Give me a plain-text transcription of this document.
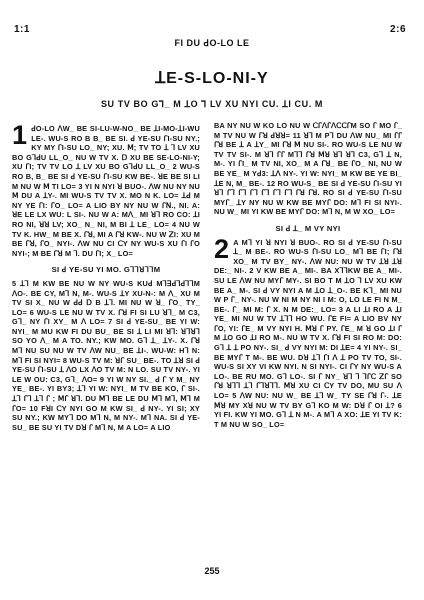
1:1
FI DU ꓒO-LO LE
2:6
ꓕE-S-LO-NI-Y
SU TV BO Gꓶ_ M ꓕO ꓶ LV XU NYI CU. ꓕI CU. M

1 ꓒO-LO ꓥW_ BE SI-LU-W-NO_ BE ꓕI-MO-ꓕI-WU LE-. WU-S RO B B_ BE SI. ꓒ YE-SU ꓩI-SU NY.; KY MY ꓩI-SU LO_ NY; XU. ꓟ; TV TO ꓕ ꓶ LV XU BO GꓶꓒU LL_O_ NU W TV X. ꓓ XU BE SE-LO-NI-Y; XU ꓩI; TV TV LO ꓕ LV XU BO GꓶꓒU LL_O_ 2 WU-S RO B, B_ BE SI ꓒ YE-SU ꓩI-SU KW BE-. ꓤE BE SI LI M NU W ꓟ TI LO= 3 YI N NYI ꓤ BUO-. ꓥW NU NY NU ꓟ DU A ꓕY-. MI WU-S TV TV X. MO N K. LO= ꓕꓒ M NY YE ꓩI: ꓩO_ LO= A LIO BY NY NU W ꓩꓠ., NI. A: ꓤE LE LX WU: L SI-. NU W A: Mꓥ_ MI ꓤꓶ RO CO: ꓕI RO NI, ꓤꓤ LV; XO_ N_ NI, M BI ꓕ LE_ LO= 4 NU W TV K. HW_ M BE X. ꓩꓤ, MI A ꓩꓤ KW-. NU W ꓜI: XU M BE ꓩꓤ, ꓩO_ NYI-. ꓥW NU CI ꓚY NY WU-S XU ꓩI ꓩO NYI-; M BE ꓩꓤ M ꓶ. DU ꓩI; X_ LO=

SI ꓒ YE-SU YI MO. GꓶꓶꓤꓶꓶM

5 ꓕꓶ M KW BE NU W NY WU-S KUꓒ MꓶꓱꓒꓶꓒꓶꓶM ꓥO-. BE CY, Mꓶ N, M-. WU-S ꓕY XU-N-: M ꓥ_ XU M TV SI X_ NU W ꓒꓒ ꓓ B ꓕꓶ. MI NU W ꓤ_ ꓩO_ TY_ LO= 6 WU-S LE NU W TV X. ꓩꓤ FI SI LU ꓤꓶ_ M C3, Gꓶ_ NY ꓩI XY_ M ꓥ LO= 7 SI ꓒ YE-SU_ BE YI W: NYI_ M MU KW FI DU BU_ BE SI ꓕ LI MI ꓤꓶ: ꓤꓶꓤꓶ SO YO ꓥ_ M A TO. NY.; KW MO. Gꓶ ꓕ_ ꓕY-. X. ꓩꓤ Mꓶ NU SU NU W TV ꓥW NU_ BE ꓕI-. WU-W: Hꓶ N: Mꓶ FI SI NYI= 8 WU-S TV M: ꓤꓩ SU_ BE-. TO ꓕꓤ SI ꓒ YE-SU ꓩI-SU ꓕ ꓥO LX ꓥO TV M: N LO. SU TV NY-. YI LE W OU: C3, Gꓶ_ ꓥO= 9 YI W NY SI._ ꓒ ꓩ Y M_ NY YE_ BE-. YI BY3; ꓕꓶ YI W: NYI_ M TV BE KO, ꓩ SI-. ꓕꓶ ꓩꓶ ꓕꓶ ꓩ ; ꓟꓩ ꓤꓶ. DU ꓟꓶ BE LE DU ꓟꓶ Mꓶ, ꓟꓶ M ꓩO= 10 FꓤI ꓚY NYI GO M KW SI_ ꓒ NY-. YI SI; XY SU NY.; KW MYꓶ DO Mꓶ N, M NY-. Mꓶ NA. SI ꓒ YE-SU_ BE SU YI TV Dꓤ ꓩ Mꓶ N, M A LO= A LIO

BA NY NU W KO LO NU W ꓚꓩꓥꓩꓥꓚꓚꓩM SO ꓩ MO ꓩ_ M TV NU W ꓩꓤ ꓒꓤꓤ= 11 ꓤꓶ M Pꓶ DU ꓥW NU_ MI ꓩꓩ ꓩꓤ BE ꓕ A ꓕY_ MI ꓩꓤ ꓟ NU SI-. RO WU-S LE NU W TV TV SI-. M ꓤꓶ ꓩꓩ Mꓶꓶ ꓩꓤ ꓟꓤ ꓤꓶ ꓤꓶ C3, Gꓶ ꓕ N, M-. YI ꓩI_ M TV NI, XO_ M A ꓩꓤ_ BE ꓩO_ NI, NU W BE YE_ M Yꓒ3: ꓕꓥ NY-. YI W: NYI_ M KW BE YE BI_ ꓕE N, M_ BE-. 12 RO WU-S_ BE SI ꓒ YE-SU ꓩI-SU YI ꓤꓶ ꓩꓶ ꓩꓶ ꓩꓶ ꓩꓶ ꓩꓶ ꓩꓶ ꓩꓤ ꓩꓤ. RO SI ꓒ YE-SU ꓩI-SU MYꓩ_ ꓕY NY NU W KW BE MYꓩ DO: Mꓶ FI SI NYI-. NU W_ MI YI KW BE MYꓩ DO: Mꓶ N, M W XO_ LO=

SI ꓒ ꓕ_ M VY NYI

2 A Mꓶ YI ꓤ NYI ꓤ BUO-. RO SI ꓒ YE-SU ꓩI-SU ꓕ_ M BE-. RO WU-S ꓩI-SU LO_ Mꓶ BE ꓩI; ꓩꓤ XO_ M TV BY_ NY-. ꓥW NU: NU W TV ꓕꓤ ꓕꓤ DE:_ NI-. 2 V KW BE A_ MI-. BA XꓶꓶKW BE A_ MI-. SU LE ꓥW NU MYꓩ MY-. SI BO T M ꓕO ꓶ LV XU KW BE A_ M-. SI ꓒ VY NYI A M ꓕO ꓕ_O-. BE Kꓶ_ MI NU W P ꓩ_ NY-. NU W NI M NY NI I M: O, LO LE FI N M_ BE-. ꓩ_ MI M: ꓩ X. N M DE:_ LO= 3 A LI ꓕI RO A ꓕI YE_ MI NU W TV ꓕꓶꓶ HO WU. ꓩE FI= A LIO BV NY ꓩO, YI: ꓩE_ M VY NYI H. ꓟꓤ ꓩ PY. ꓩE_ M ꓤ GO ꓕI ꓩ M ꓕO GO ꓕI RO M-. NU W TV X. ꓩꓤ FI SI RO M: DO: Gꓶ ꓕ ꓕ PO NY-. SI_ ꓒ VY NYI M: DI ꓕE= 4 YI NY-. SI_ BE MYꓩ T M-. BE WU. Dꓤ ꓕꓶ ꓩI ꓥ ꓕ PO TV TO, SI-. WU-S SI XY VI KW NYI. N SI NYI-. CI ꓩY NY WU-S A LO-. BE RU MO. Gꓶ LO-. SI ꓩ NY_ ꓤꓶ ꓶ ꓶꓩꓚ ꓜꓩ SO ꓩꓤ ꓤꓶꓶ ꓕꓶ ꓩꓶꓤꓶꓶ. ꓟꓤ XU CI ꓚY TV DO, MU SU ꓥ LO= 5 ꓥW NU: NU W_ BE ꓕꓶ W_ TY SE ꓩꓤ ꓩ-. ꓕE ꓟꓤ MY Xꓤ NU W TV BY Gꓶ KO M W: Dꓤ ꓩ OI ꓕ? 6 YI FI. KW YI MO. Gꓶ ꓕ N M-. A Mꓶ A XO: ꓕE YI TV K: T M NU W SO_ LO=

255
